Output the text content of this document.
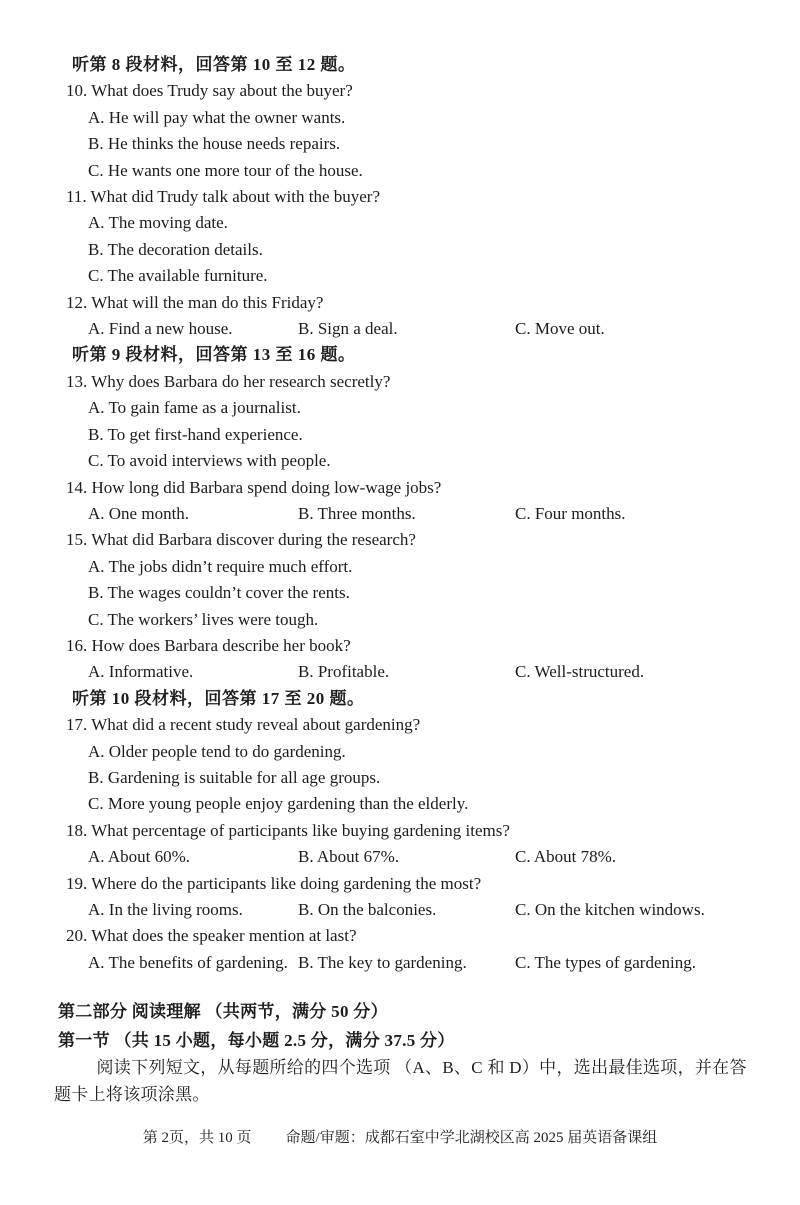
听第 8 段材料，回答第 10 至 12 题。
10. What does Trudy say about the buyer?
A. He will pay what the owner wants.
B. He thinks the house needs repairs.
C. He wants one more tour of the house.
11. What did Trudy talk about with the buyer?
A. The moving date.
B. The decoration details.
C. The available furniture.
12. What will the man do this Friday?
A. Find a new house.	B. Sign a deal.	C. Move out.
听第 9 段材料，回答第 13 至 16 题。
13. Why does Barbara do her research secretly?
A. To gain fame as a journalist.
B. To get first-hand experience.
C. To avoid interviews with people.
14. How long did Barbara spend doing low-wage jobs?
A. One month.	B. Three months.	C. Four months.
15. What did Barbara discover during the research?
A. The jobs didn’t require much effort.
B. The wages couldn’t cover the rents.
C. The workers’ lives were tough.
16. How does Barbara describe her book?
A. Informative.	B. Profitable.	C. Well-structured.
听第 10 段材料，回答第 17 至 20 题。
17. What did a recent study reveal about gardening?
A. Older people tend to do gardening.
B. Gardening is suitable for all age groups.
C. More young people enjoy gardening than the elderly.
18. What percentage of participants like buying gardening items?
A. About 60%.	B. About 67%.	C. About 78%.
19. Where do the participants like doing gardening the most?
A. In the living rooms.	B. On the balconies.	C. On the kitchen windows.
20. What does the speaker mention at last?
A. The benefits of gardening. B. The key to gardening.	C. The types of gardening.
第二部分 阅读理解 （共两节，满分 50 分）
第一节 （共 15 小题，每小题 2.5 分，满分 37.5 分）

阅读下列短文，从每题所给的四个选项 （A、B、C 和 D）中，选出最佳选项，并在答题卡上将该项涂黑。

第 2页，共 10 页 命题/审题：成都石室中学北湖校区高 2025 届英语备课组
